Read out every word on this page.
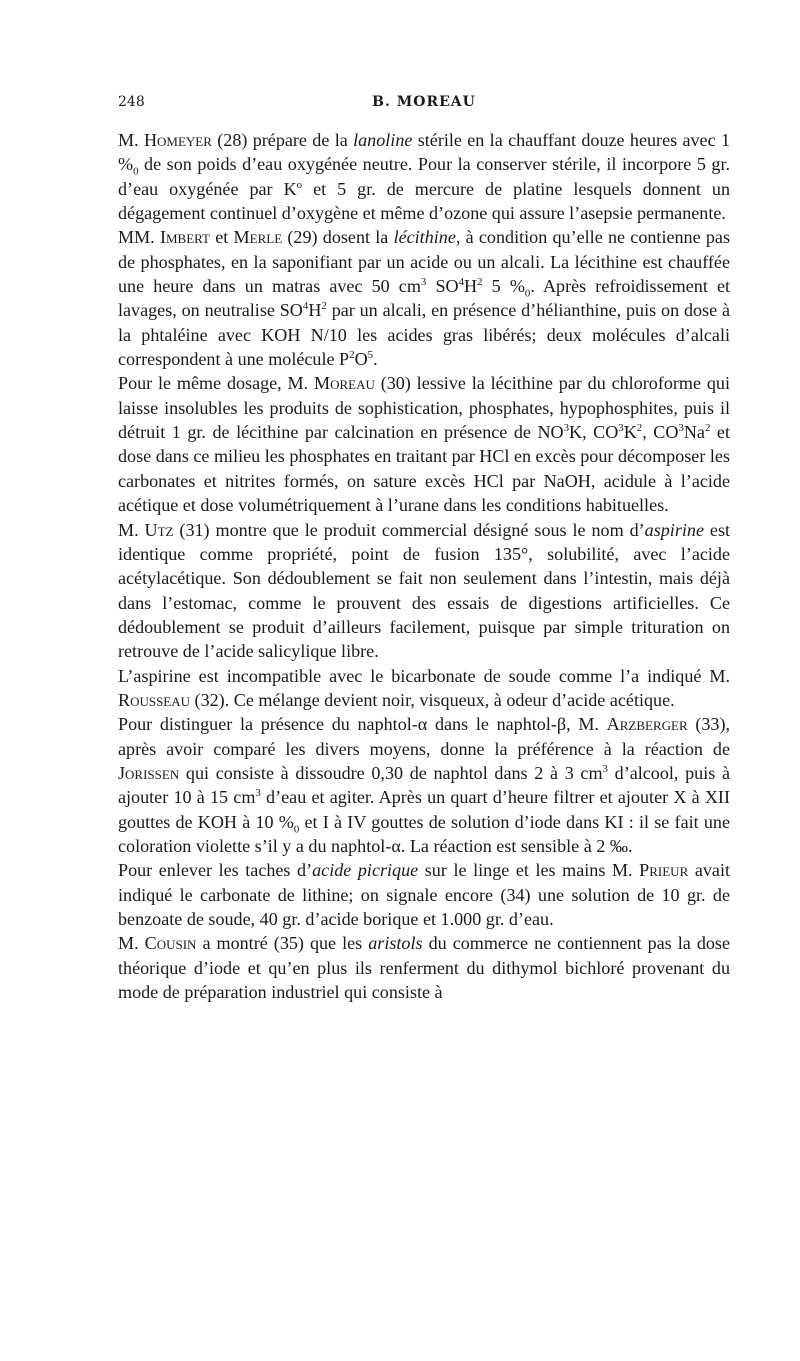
248	B. MOREAU

M. Homeyer (28) prépare de la lanoline stérile en la chauffant douze heures avec 1 $\%_0$ de son poids d’eau oxygénée neutre. Pour la conserver stérile, il incorpore 5 gr. d’eau oxygénée par $K^o$ et 5 gr. de mercure de platine lesquels donnent un dégagement continuel d’oxygène et même d’ozone qui assure l’asepsie permanente.

MM. Imbert et Merle (29) dosent la lécithine, à condition qu’elle ne contienne pas de phosphates, en la saponifiant par un acide ou un alcali. La lécithine est chauffée une heure dans un matras avec 50 $cm^3$ $SO^4H^2$ 5 $\%_0$. Après refroidissement et lavages, on neutralise $SO^4H^2$ par un alcali, en présence d’hélianthine, puis on dose à la phtaléine avec KOH N/10 les acides gras libérés; deux molécules d’alcali correspondent à une molécule $P^2O^5$.

Pour le même dosage, M. Moreau (30) lessive la lécithine par du chloroforme qui laisse insolubles les produits de sophistication, phosphates, hypophosphites, puis il détruit 1 gr. de lécithine par calcination en présence de $NO^3K$, $CO^3K^2$, $CO^3Na^2$ et dose dans ce milieu les phosphates en traitant par HCl en excès pour décomposer les carbonates et nitrites formés, on sature excès HCl par NaOH, acidule à l’acide acétique et dose volumétriquement à l’urane dans les conditions habituelles.

M. Utz (31) montre que le produit commercial désigné sous le nom d’aspirine est identique comme propriété, point de fusion 135°, solubilité, avec l’acide acétylacétique. Son dédoublement se fait non seulement dans l’intestin, mais déjà dans l’estomac, comme le prouvent des essais de digestions artificielles. Ce dédoublement se produit d’ailleurs facilement, puisque par simple trituration on retrouve de l’acide salicylique libre.

L’aspirine est incompatible avec le bicarbonate de soude comme l’a indiqué M. Rousseau (32). Ce mélange devient noir, visqueux, à odeur d’acide acétique.

Pour distinguer la présence du naphtol-α dans le naphtol-β, M. Arzberger (33), après avoir comparé les divers moyens, donne la préférence à la réaction de Jorissen qui consiste à dissoudre 0,30 de naphtol dans 2 à 3 $cm^3$ d’alcool, puis à ajouter 10 à 15 $cm^3$ d’eau et agiter. Après un quart d’heure filtrer et ajouter X à XII gouttes de KOH à 10 $\%_0$ et I à IV gouttes de solution d’iode dans KI : il se fait une coloration violette s’il y a du naphtol-α. La réaction est sensible à 2 ‰.

Pour enlever les taches d’acide picrique sur le linge et les mains M. Prieur avait indiqué le carbonate de lithine; on signale encore (34) une solution de 10 gr. de benzoate de soude, 40 gr. d’acide borique et 1.000 gr. d’eau.

M. Cousin a montré (35) que les aristols du commerce ne contiennent pas la dose théorique d’iode et qu’en plus ils renferment du dithymol bichloré provenant du mode de préparation industriel qui consiste à
